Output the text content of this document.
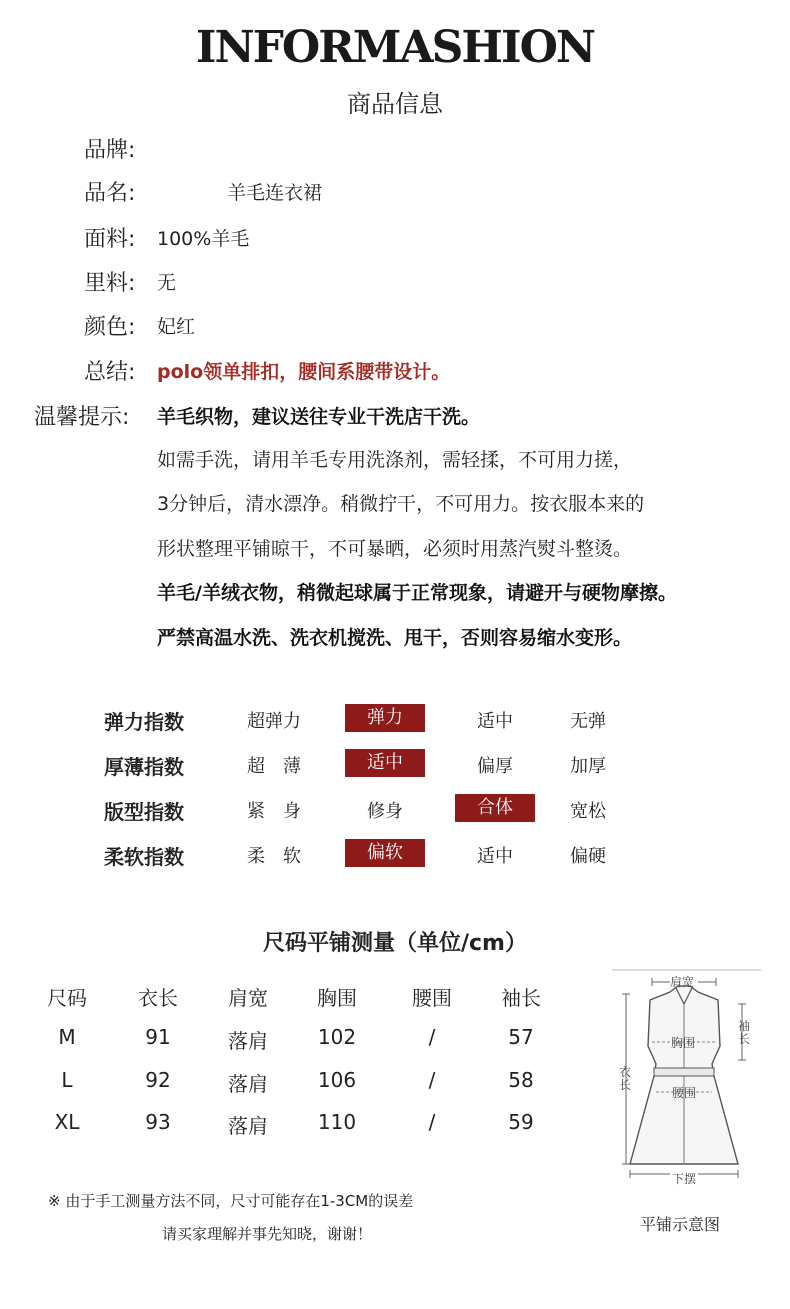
INFORMASHION
商品信息
品牌:
品名:	羊毛连衣裙
面料: 100%羊毛
里料: 无
颜色: 妃红
总结: polo领单排扣，腰间系腰带设计。
温馨提示: 羊毛织物，建议送往专业干洗店干洗。
如需手洗，请用羊毛专用洗涤剂，需轻揉，不可用力搓，
3分钟后，清水漂净。稍微拧干，不可用力。按衣服本来的
形状整理平铺晾干，不可暴晒，必须时用蒸汽熨斗整烫。
羊毛/羊绒衣物，稍微起球属于正常现象，请避开与硬物摩擦。
严禁高温水洗、洗衣机搅洗、甩干，否则容易缩水变形。
弹力指数	超弹力	弹力	适中	无弹
厚薄指数	超　薄	适中	偏厚	加厚
版型指数	紧　身	修身	合体	宽松
柔软指数	柔　软	偏软	适中	偏硬
尺码平铺测量（单位/cm）
尺码	衣长	肩宽	胸围	腰围	袖长
M	91	落肩	102	/	57
L	92	落肩	106	/	58
XL	93	落肩	110	/	59
※ 由于手工测量方法不同，尺寸可能存在1-3CM的误差
请买家理解并事先知晓，谢谢！
肩宽
胸围
袖长
衣长
腰围
下摆
平铺示意图
